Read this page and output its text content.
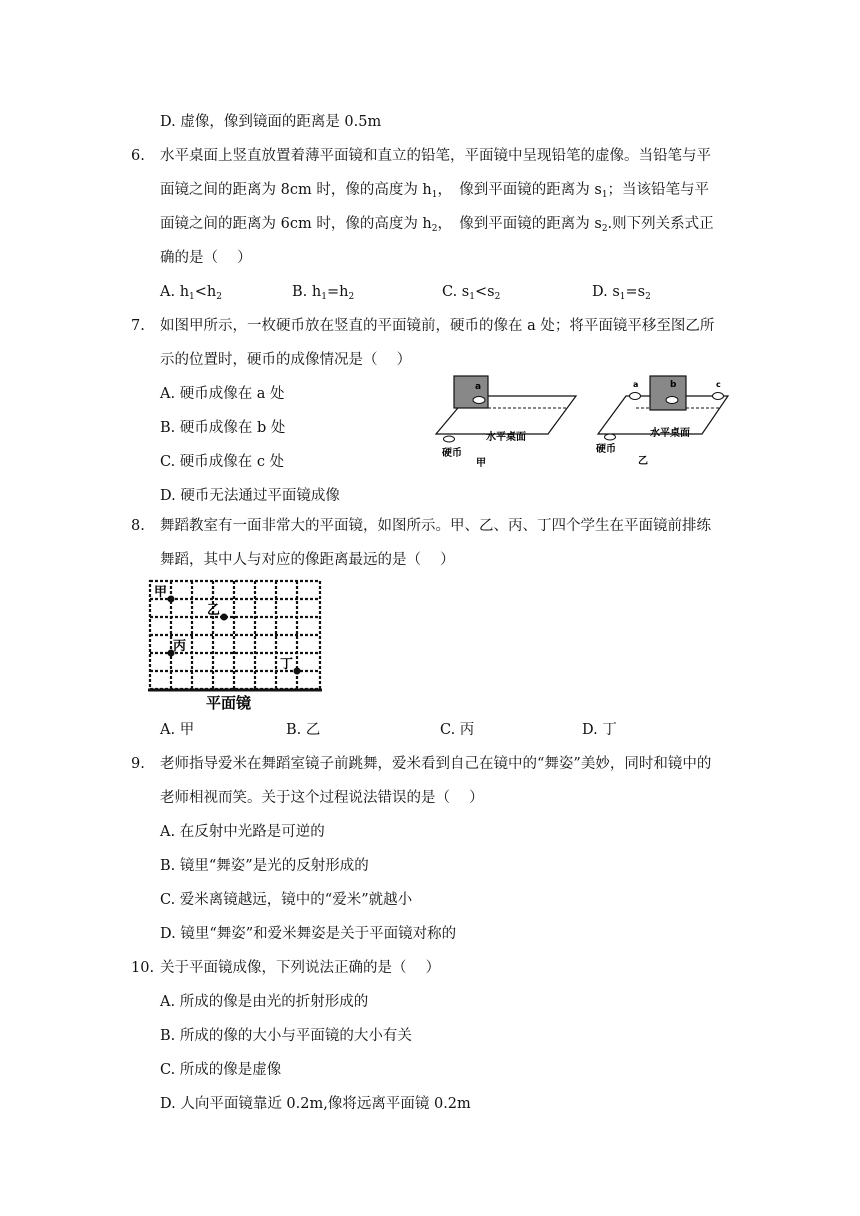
D. 虚像，像到镜面的距离是 0.5m
6. 水平桌面上竖直放置着薄平面镜和直立的铅笔，平面镜中呈现铅笔的虚像。当铅笔与平
面镜之间的距离为 8cm 时，像的高度为 $h_1$，　像到平面镜的距离为 $s_1$；当该铅笔与平
面镜之间的距离为 6cm 时，像的高度为 $h_2$，　像到平面镜的距离为 $s_2$.则下列关系式正
确的是（　 ）
A. $h_1<h_2$	B. $h_1=h_2$	C. $s_1<s_2$	D. $s_1=s_2$
7. 如图甲所示，一枚硬币放在竖直的平面镜前，硬币的像在 a 处；将平面镜平移至图乙所
示的位置时，硬币的成像情况是（　 ）
A. 硬币成像在 a 处
B. 硬币成像在 b 处
C. 硬币成像在 c 处
D. 硬币无法通过平面镜成像
a
水平桌面
硬币
甲
a	b	c
水平桌面
硬币
乙
8. 舞蹈教室有一面非常大的平面镜，如图所示。甲、乙、丙、丁四个学生在平面镜前排练
舞蹈，其中人与对应的像距离最远的是（　 ）
甲
乙
丙
丁
平面镜
A. 甲	B. 乙	C. 丙	D. 丁
9. 老师指导爱米在舞蹈室镜子前跳舞，爱米看到自己在镜中的“舞姿”美妙，同时和镜中的
老师相视而笑。关于这个过程说法错误的是（　 ）
A. 在反射中光路是可逆的
B. 镜里“舞姿”是光的反射形成的
C. 爱米离镜越远，镜中的“爱米”就越小
D. 镜里“舞姿”和爱米舞姿是关于平面镜对称的
10. 关于平面镜成像，下列说法正确的是（　 ）
A. 所成的像是由光的折射形成的
B. 所成的像的大小与平面镜的大小有关
C. 所成的像是虚像
D. 人向平面镜靠近 0.2m,像将远离平面镜 0.2m
